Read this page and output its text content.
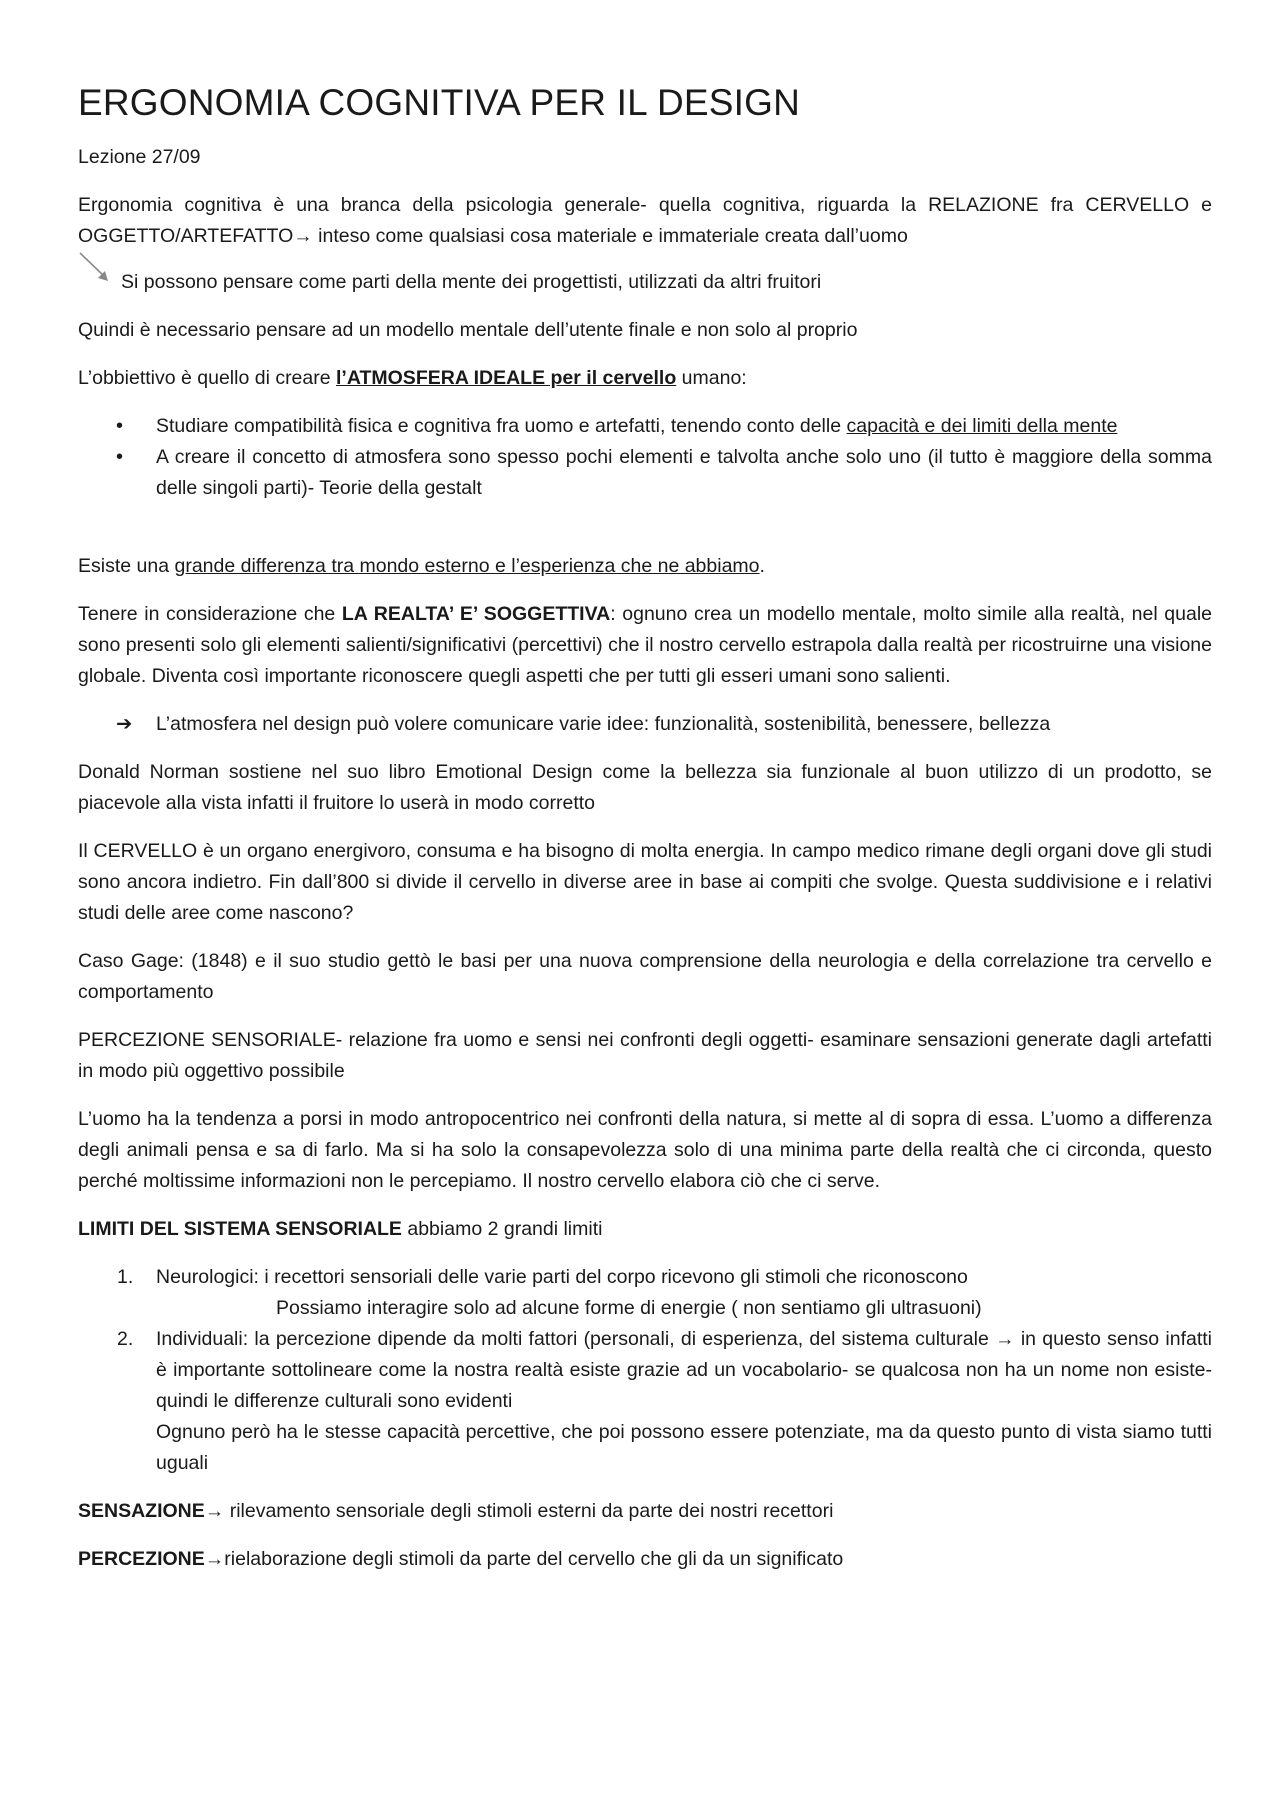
ERGONOMIA COGNITIVA PER IL DESIGN

Lezione 27/09

Ergonomia cognitiva è una branca della psicologia generale- quella cognitiva, riguarda la RELAZIONE fra CERVELLO e OGGETTO/ARTEFATTO→ inteso come qualsiasi cosa materiale e immateriale creata dall’uomo

Si possono pensare come parti della mente dei progettisti, utilizzati da altri fruitori

Quindi è necessario pensare ad un modello mentale dell’utente finale e non solo al proprio

L’obbiettivo è quello di creare l’ATMOSFERA IDEALE per il cervello umano:

• Studiare compatibilità fisica e cognitiva fra uomo e artefatti, tenendo conto delle capacità e dei limiti della mente
• A creare il concetto di atmosfera sono spesso pochi elementi e talvolta anche solo uno (il tutto è maggiore della somma delle singoli parti)- Teorie della gestalt

Esiste una grande differenza tra mondo esterno e l’esperienza che ne abbiamo.

Tenere in considerazione che LA REALTA’ E’ SOGGETTIVA: ognuno crea un modello mentale, molto simile alla realtà, nel quale sono presenti solo gli elementi salienti/significativi (percettivi) che il nostro cervello estrapola dalla realtà per ricostruirne una visione globale. Diventa così importante riconoscere quegli aspetti che per tutti gli esseri umani sono salienti.

➔ L’atmosfera nel design può volere comunicare varie idee: funzionalità, sostenibilità, benessere, bellezza

Donald Norman sostiene nel suo libro Emotional Design come la bellezza sia funzionale al buon utilizzo di un prodotto, se piacevole alla vista infatti il fruitore lo userà in modo corretto

Il CERVELLO è un organo energivoro, consuma e ha bisogno di molta energia. In campo medico rimane degli organi dove gli studi sono ancora indietro. Fin dall’800 si divide il cervello in diverse aree in base ai compiti che svolge. Questa suddivisione e i relativi studi delle aree come nascono?

Caso Gage: (1848) e il suo studio gettò le basi per una nuova comprensione della neurologia e della correlazione tra cervello e comportamento

PERCEZIONE SENSORIALE- relazione fra uomo e sensi nei confronti degli oggetti- esaminare sensazioni generate dagli artefatti in modo più oggettivo possibile

L’uomo ha la tendenza a porsi in modo antropocentrico nei confronti della natura, si mette al di sopra di essa. L’uomo a differenza degli animali pensa e sa di farlo. Ma si ha solo la consapevolezza solo di una minima parte della realtà che ci circonda, questo perché moltissime informazioni non le percepiamo. Il nostro cervello elabora ciò che ci serve.

LIMITI DEL SISTEMA SENSORIALE abbiamo 2 grandi limiti

1. Neurologici: i recettori sensoriali delle varie parti del corpo ricevono gli stimoli che riconoscono
Possiamo interagire solo ad alcune forme di energie ( non sentiamo gli ultrasuoni)
2. Individuali: la percezione dipende da molti fattori (personali, di esperienza, del sistema culturale → in questo senso infatti è importante sottolineare come la nostra realtà esiste grazie ad un vocabolario- se qualcosa non ha un nome non esiste-quindi le differenze culturali sono evidenti
Ognuno però ha le stesse capacità percettive, che poi possono essere potenziate, ma da questo punto di vista siamo tutti uguali

SENSAZIONE→ rilevamento sensoriale degli stimoli esterni da parte dei nostri recettori

PERCEZIONE→rielaborazione degli stimoli da parte del cervello che gli da un significato
